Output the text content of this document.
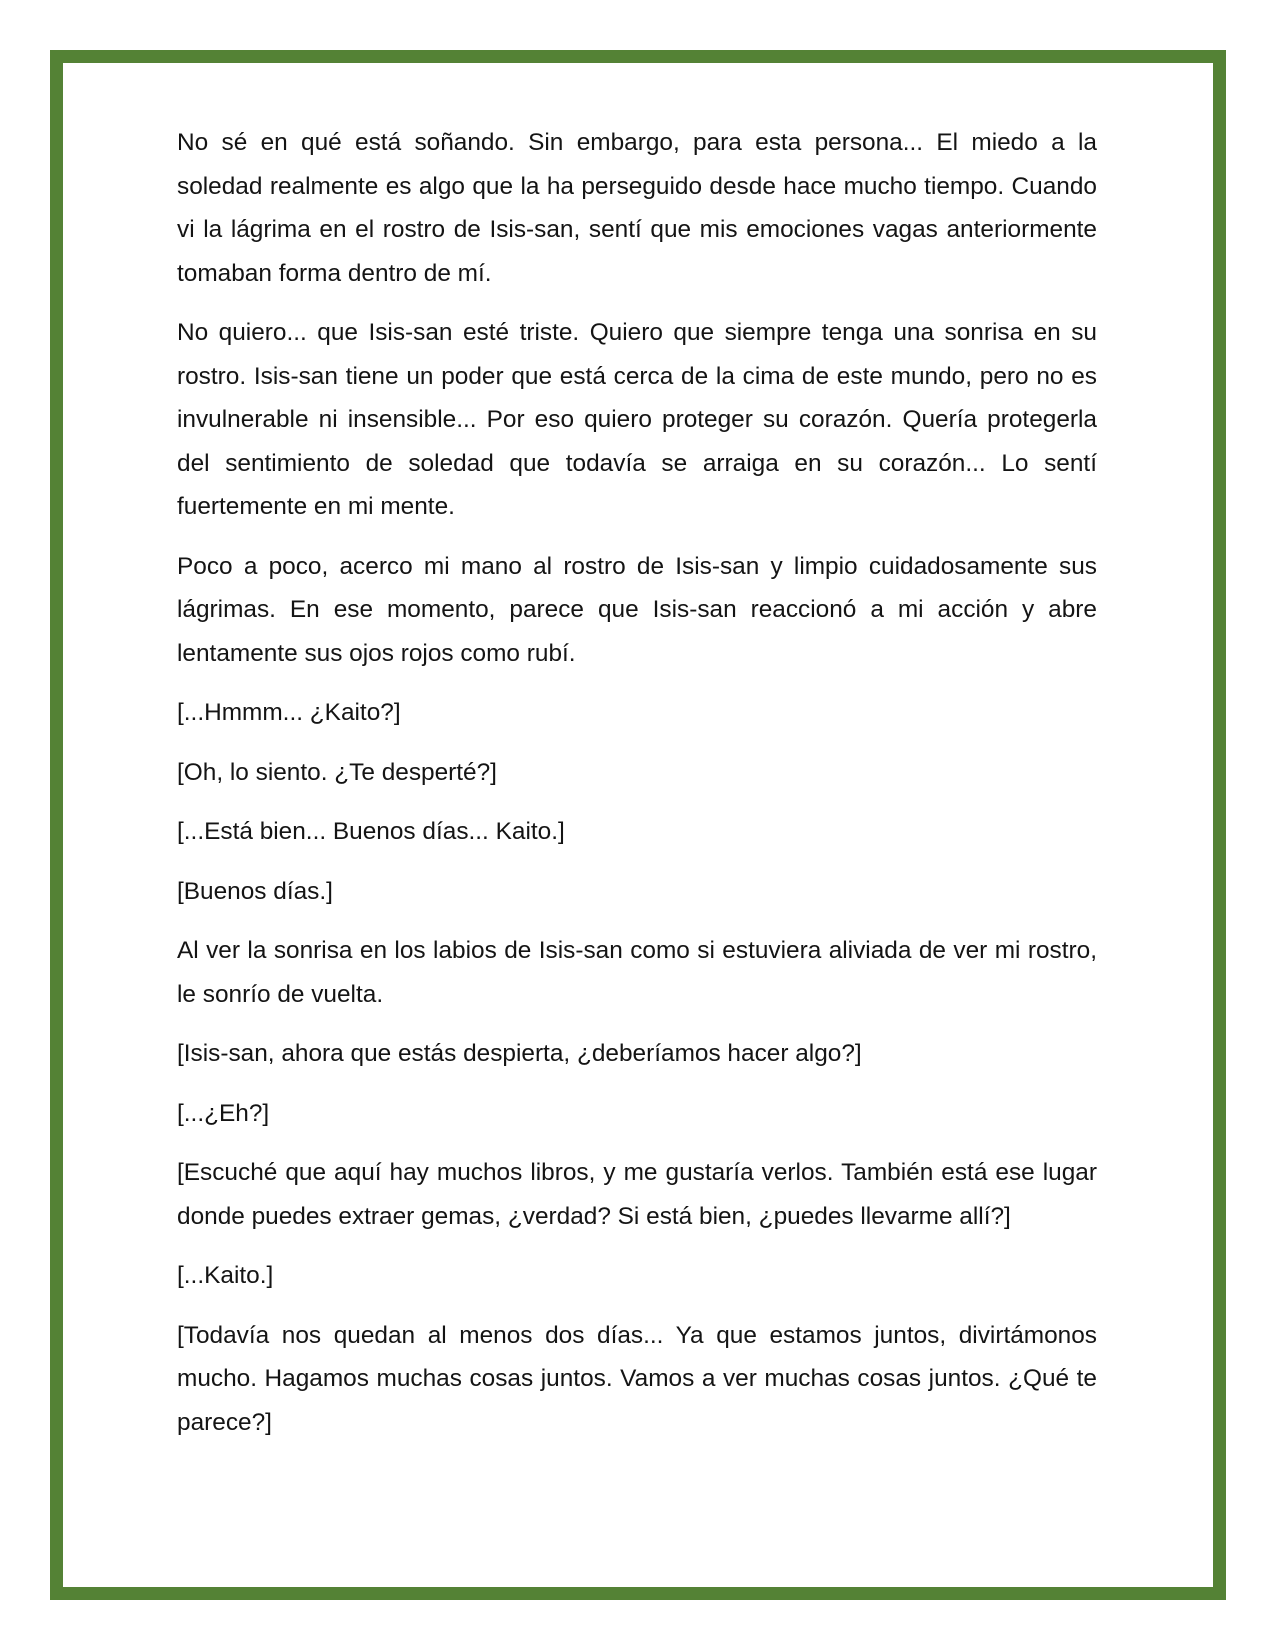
No sé en qué está soñando. Sin embargo, para esta persona... El miedo a la soledad realmente es algo que la ha perseguido desde hace mucho tiempo. Cuando vi la lágrima en el rostro de Isis-san, sentí que mis emociones vagas anteriormente tomaban forma dentro de mí.

No quiero... que Isis-san esté triste. Quiero que siempre tenga una sonrisa en su rostro. Isis-san tiene un poder que está cerca de la cima de este mundo, pero no es invulnerable ni insensible... Por eso quiero proteger su corazón. Quería protegerla del sentimiento de soledad que todavía se arraiga en su corazón... Lo sentí fuertemente en mi mente.

Poco a poco, acerco mi mano al rostro de Isis-san y limpio cuidadosamente sus lágrimas. En ese momento, parece que Isis-san reaccionó a mi acción y abre lentamente sus ojos rojos como rubí.

[...Hmmm... ¿Kaito?]

[Oh, lo siento. ¿Te desperté?]

[...Está bien... Buenos días... Kaito.]

[Buenos días.]

Al ver la sonrisa en los labios de Isis-san como si estuviera aliviada de ver mi rostro, le sonrío de vuelta.

[Isis-san, ahora que estás despierta, ¿deberíamos hacer algo?]

[...¿Eh?]

[Escuché que aquí hay muchos libros, y me gustaría verlos. También está ese lugar donde puedes extraer gemas, ¿verdad? Si está bien, ¿puedes llevarme allí?]

[...Kaito.]

[Todavía nos quedan al menos dos días... Ya que estamos juntos, divirtámonos mucho. Hagamos muchas cosas juntos. Vamos a ver muchas cosas juntos. ¿Qué te parece?]
